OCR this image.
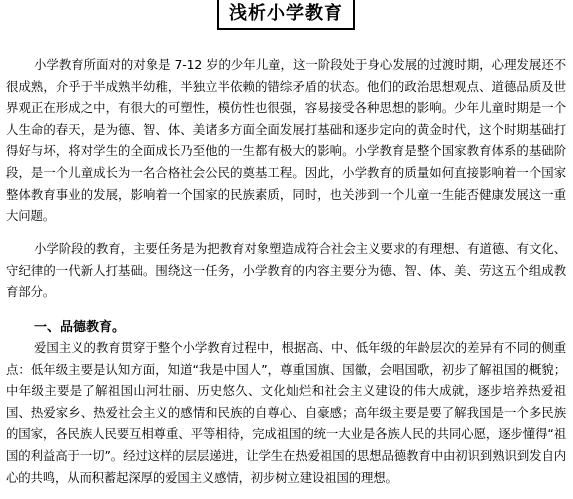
浅析小学教育

小学教育所面对的对象是 7-12 岁的少年儿童，这一阶段处于身心发展的过渡时期，心理发展还不很成熟，介乎于半成熟半幼稚，半独立半依赖的错综矛盾的状态。他们的政治思想观点、道德品质及世界观正在形成之中，有很大的可塑性，模仿性也很强，容易接受各种思想的影响。少年儿童时期是一个人生命的春天，是为德、智、体、美诸多方面全面发展打基础和逐步定向的黄金时代，这个时期基础打得好与坏，将对学生的全面成长乃至他的一生都有极大的影响。小学教育是整个国家教育体系的基础阶段，是一个儿童成长为一名合格社会公民的奠基工程。因此，小学教育的质量如何直接影响着一个国家整体教育事业的发展，影响着一个国家的民族素质，同时，也关涉到一个儿童一生能否健康发展这一重大问题。

小学阶段的教育，主要任务是为把教育对象塑造成符合社会主义要求的有理想、有道德、有文化、守纪律的一代新人打基础。围绕这一任务，小学教育的内容主要分为德、智、体、美、劳这五个组成教育部分。

一、品德教育。

爱国主义的教育贯穿于整个小学教育过程中，根据高、中、低年级的年龄层次的差异有不同的侧重点：低年级主要是认知方面，知道“我是中国人”，尊重国旗、国徽，会唱国歌，初步了解祖国的概貌；中年级主要是了解祖国山河壮丽、历史悠久、文化灿烂和社会主义建设的伟大成就，逐步培养热爱祖国、热爱家乡、热爱社会主义的感情和民族的自尊心、自豪感；高年级主要是要了解我国是一个多民族的国家，各民族人民要互相尊重、平等相待，完成祖国的统一大业是各族人民的共同心愿，逐步懂得“祖国的利益高于一切”。经过这样的层层递进，让学生在热爱祖国的思想品德教育中由初识到熟识到发自内心的共鸣，从而积蓄起深厚的爱国主义感情，初步树立建设祖国的理想。
